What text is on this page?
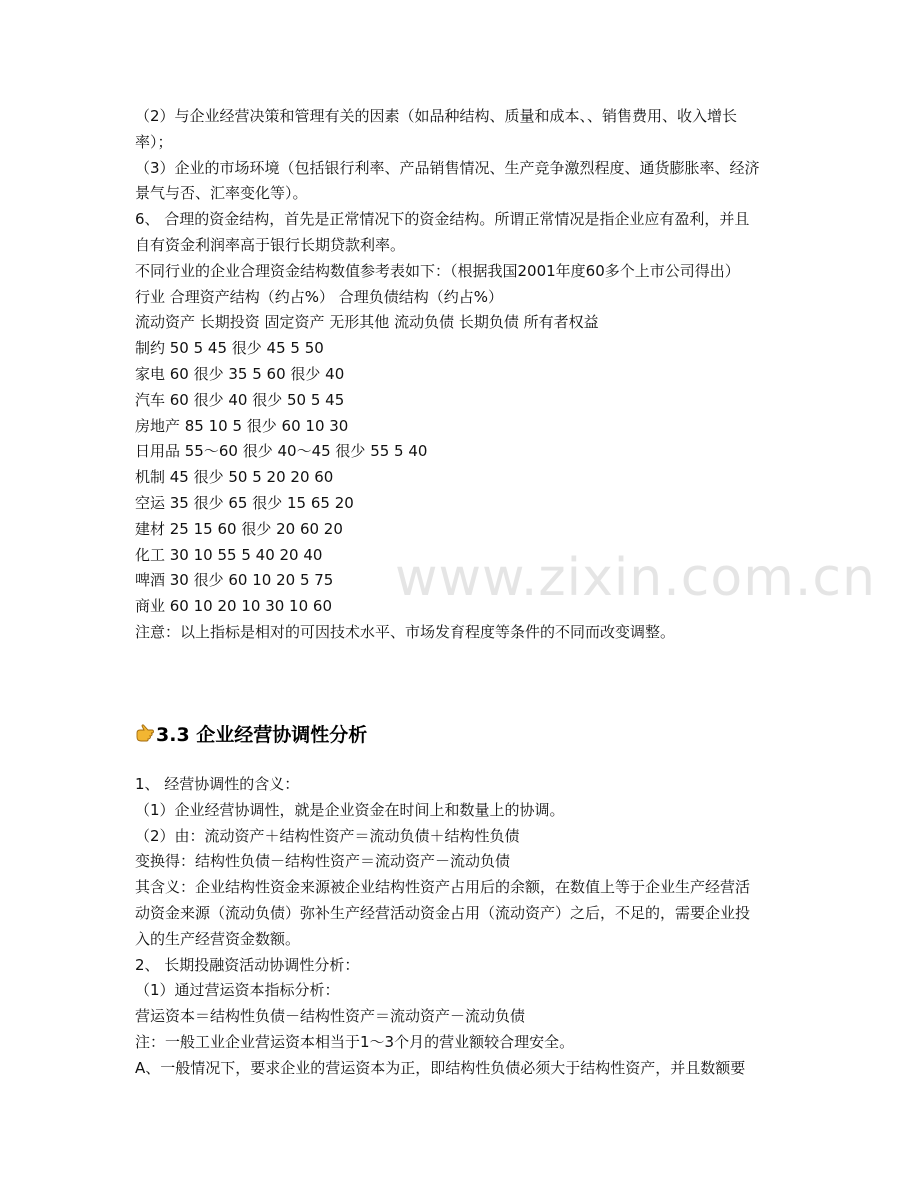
（2）与企业经营决策和管理有关的因素（如品种结构、质量和成本、、销售费用、收入增长
率）；
（3）企业的市场环境（包括银行利率、产品销售情况、生产竞争激烈程度、通货膨胀率、经济
景气与否、汇率变化等）。
6、 合理的资金结构，首先是正常情况下的资金结构。所谓正常情况是指企业应有盈利，并且
自有资金利润率高于银行长期贷款利率。
不同行业的企业合理资金结构数值参考表如下：（根据我国2001年度60多个上市公司得出）
行业 合理资产结构（约占%） 合理负债结构（约占%）
流动资产 长期投资 固定资产 无形其他 流动负债 长期负债 所有者权益
制约 50 5 45 很少 45 5 50
家电 60 很少 35 5 60 很少 40
汽车 60 很少 40 很少 50 5 45
房地产 85 10 5 很少 60 10 30
日用品 55～60 很少 40～45 很少 55 5 40
机制 45 很少 50 5 20 20 60
空运 35 很少 65 很少 15 65 20
建材 25 15 60 很少 20 60 20
化工 30 10 55 5 40 20 40
啤酒 30 很少 60 10 20 5 75
商业 60 10 20 10 30 10 60
注意：以上指标是相对的可因技术水平、市场发育程度等条件的不同而改变调整。
www.zixin.com.cn
3.3 企业经营协调性分析
1、 经营协调性的含义：
（1）企业经营协调性，就是企业资金在时间上和数量上的协调。
（2）由：流动资产＋结构性资产＝流动负债＋结构性负债
变换得：结构性负债－结构性资产＝流动资产－流动负债
其含义：企业结构性资金来源被企业结构性资产占用后的余额，在数值上等于企业生产经营活
动资金来源（流动负债）弥补生产经营活动资金占用（流动资产）之后，不足的，需要企业投
入的生产经营资金数额。
2、 长期投融资活动协调性分析：
（1）通过营运资本指标分析：
营运资本＝结构性负债－结构性资产＝流动资产－流动负债
注：一般工业企业营运资本相当于1～3个月的营业额较合理安全。
A、一般情况下，要求企业的营运资本为正，即结构性负债必须大于结构性资产，并且数额要
